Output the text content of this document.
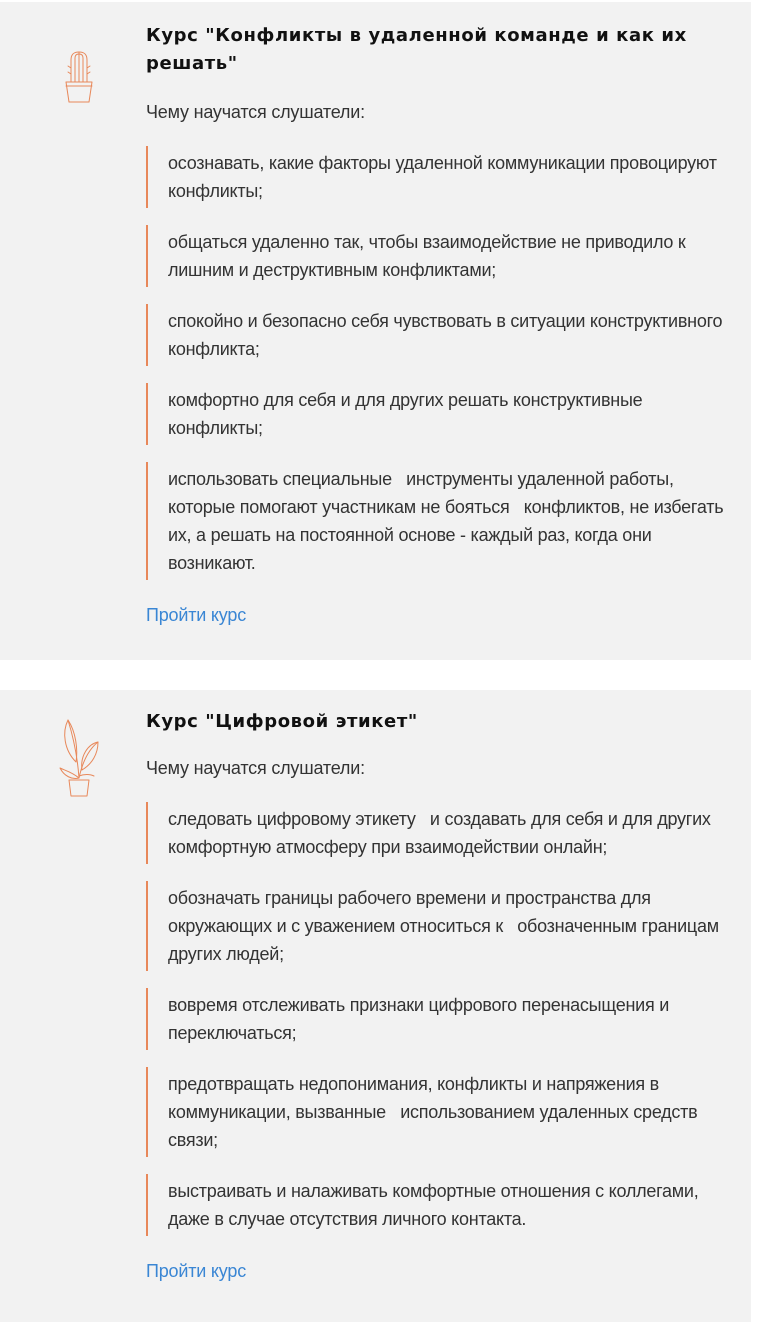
Курс "Конфликты в удаленной команде и как их решать"
Чему научатся слушатели:
осознавать, какие факторы удаленной коммуникации провоцируют конфликты;
общаться удаленно так, чтобы взаимодействие не приводило к лишним и деструктивным конфликтами;
спокойно и безопасно себя чувствовать в ситуации конструктивного конфликта;
комфортно для себя и для других решать конструктивные конфликты;
использовать специальные   инструменты удаленной работы, которые помогают участникам не бояться   конфликтов, не избегать их, а решать на постоянной основе - каждый раз, когда они возникают.
Пройти курс
Курс "Цифровой этикет"
Чему научатся слушатели:
следовать цифровому этикету   и создавать для себя и для других комфортную атмосферу при взаимодействии онлайн;
обозначать границы рабочего времени и пространства для окружающих и с уважением относиться к   обозначенным границам других людей;
вовремя отслеживать признаки цифрового перенасыщения и переключаться;
предотвращать недопонимания, конфликты и напряжения в коммуникации, вызванные   использованием удаленных средств связи;
выстраивать и налаживать комфортные отношения с коллегами, даже в случае отсутствия личного контакта.
Пройти курс
